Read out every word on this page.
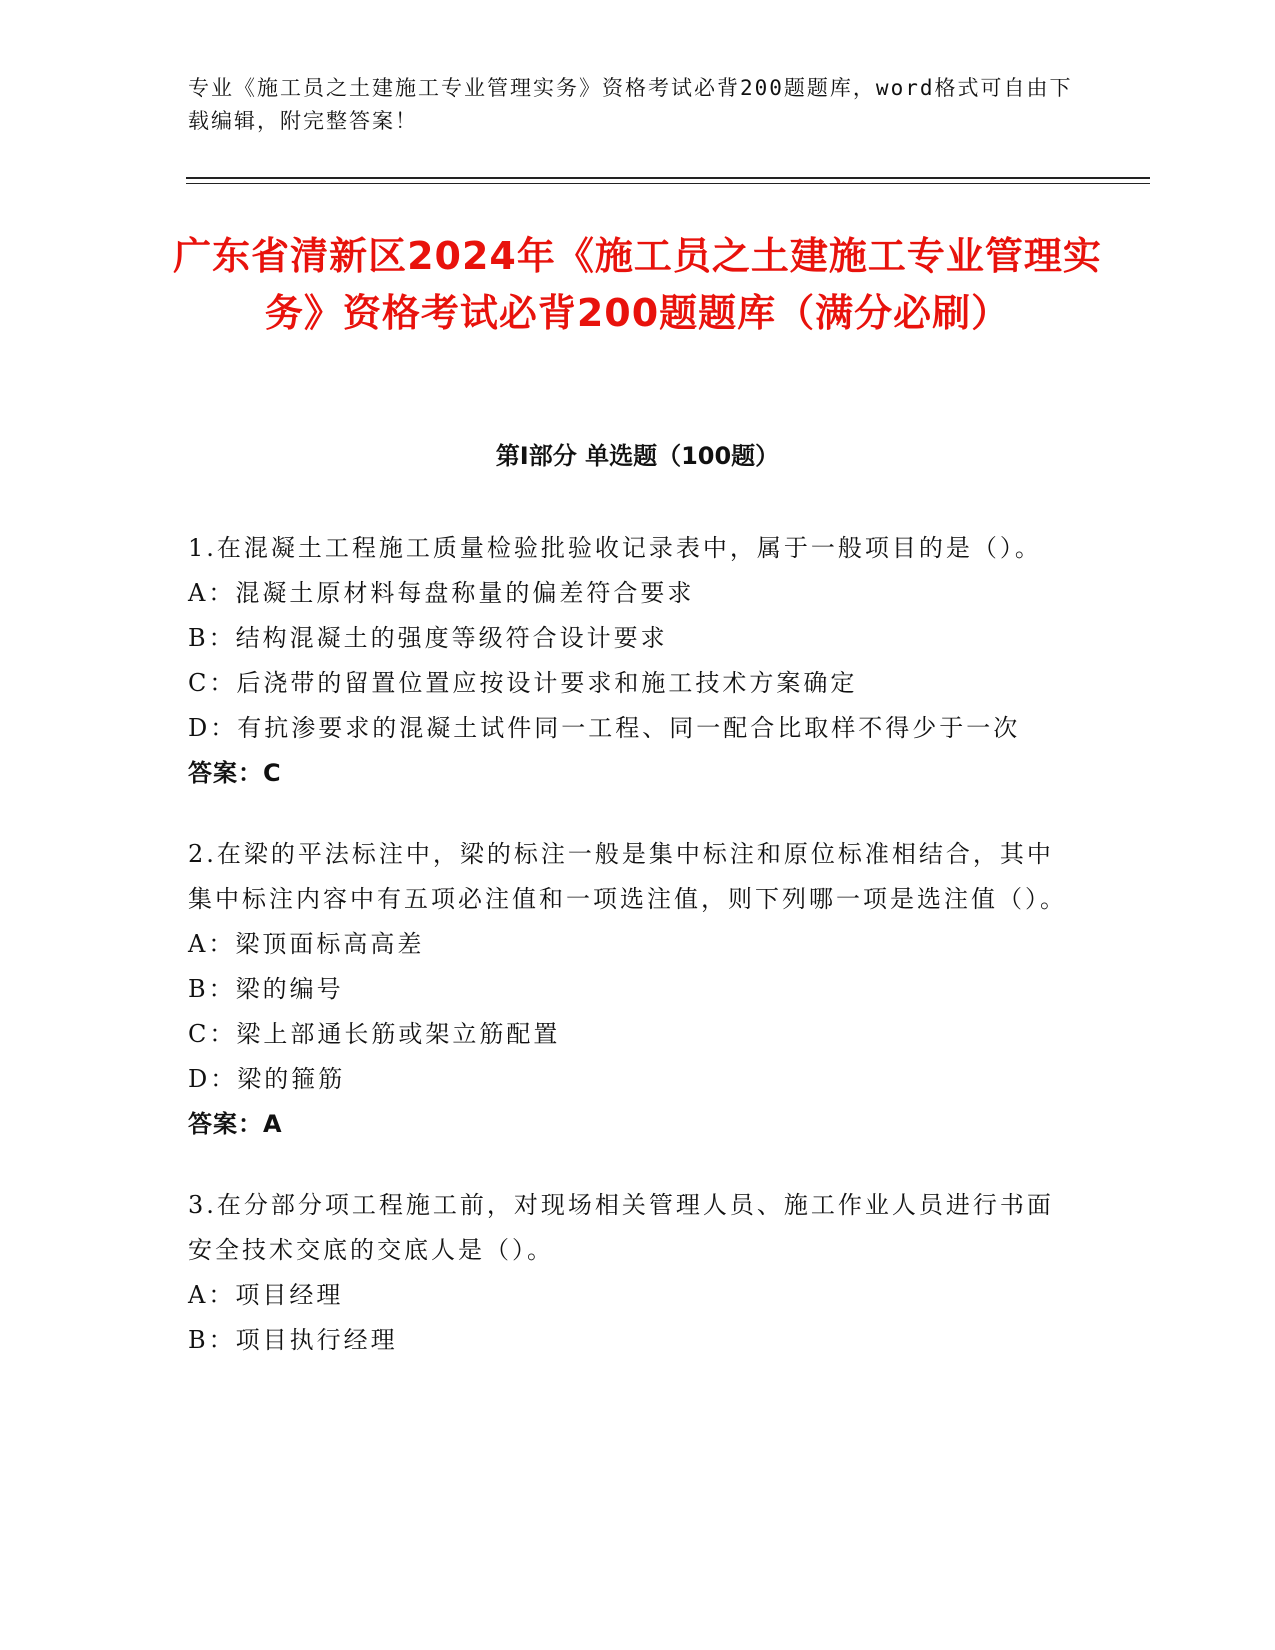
专业《施工员之土建施工专业管理实务》资格考试必背200题题库，word格式可自由下载编辑，附完整答案！
广东省清新区2024年《施工员之土建施工专业管理实务》资格考试必背200题题库（满分必刷）
第Ⅰ部分 单选题（100题）
1.在混凝土工程施工质量检验批验收记录表中，属于一般项目的是（）。
A：混凝土原材料每盘称量的偏差符合要求
B：结构混凝土的强度等级符合设计要求
C：后浇带的留置位置应按设计要求和施工技术方案确定
D：有抗渗要求的混凝土试件同一工程、同一配合比取样不得少于一次
答案：C
2.在梁的平法标注中，梁的标注一般是集中标注和原位标准相结合，其中集中标注内容中有五项必注值和一项选注值，则下列哪一项是选注值（）。
A：梁顶面标高高差
B：梁的编号
C：梁上部通长筋或架立筋配置
D：梁的箍筋
答案：A
3.在分部分项工程施工前，对现场相关管理人员、施工作业人员进行书面安全技术交底的交底人是（）。
A：项目经理
B：项目执行经理
